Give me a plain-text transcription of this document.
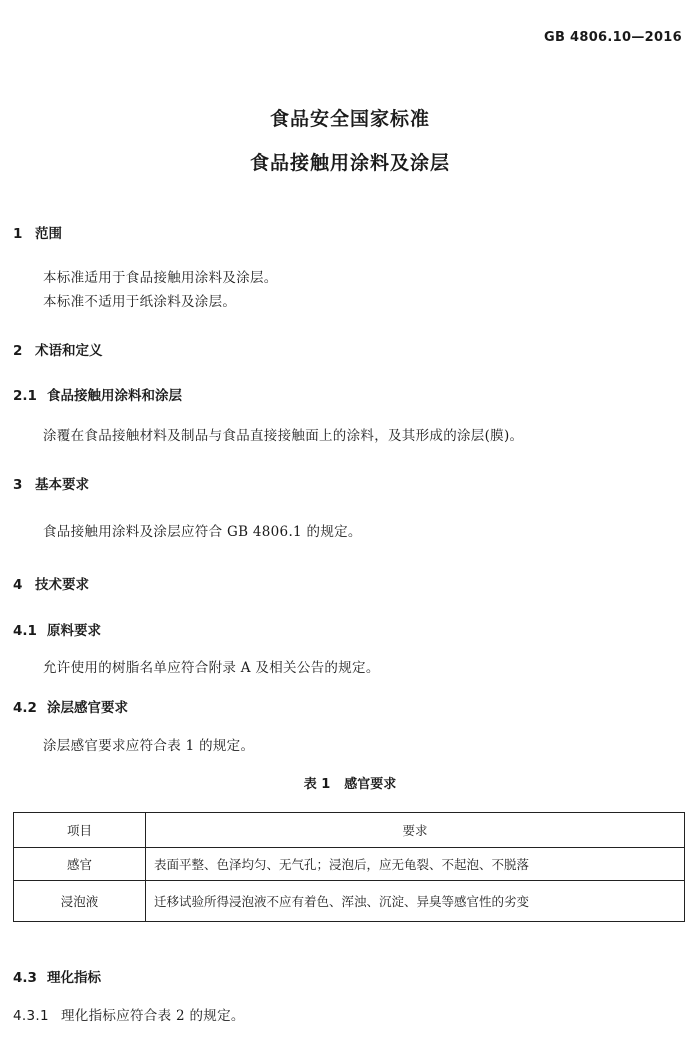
GB 4806.10—2016
食品安全国家标准
食品接触用涂料及涂层
1 范围
本标准适用于食品接触用涂料及涂层。
本标准不适用于纸涂料及涂层。
2 术语和定义
2.1 食品接触用涂料和涂层
涂覆在食品接触材料及制品与食品直接接触面上的涂料，及其形成的涂层(膜)。
3 基本要求
食品接触用涂料及涂层应符合 GB 4806.1 的规定。
4 技术要求
4.1 原料要求
允许使用的树脂名单应符合附录 A 及相关公告的规定。
4.2 涂层感官要求
涂层感官要求应符合表 1 的规定。
表 1 感官要求
项目	要求
感官	表面平整、色泽均匀、无气孔；浸泡后，应无龟裂、不起泡、不脱落
浸泡液	迁移试验所得浸泡液不应有着色、浑浊、沉淀、异臭等感官性的劣变
4.3 理化指标
4.3.1 理化指标应符合表 2 的规定。
